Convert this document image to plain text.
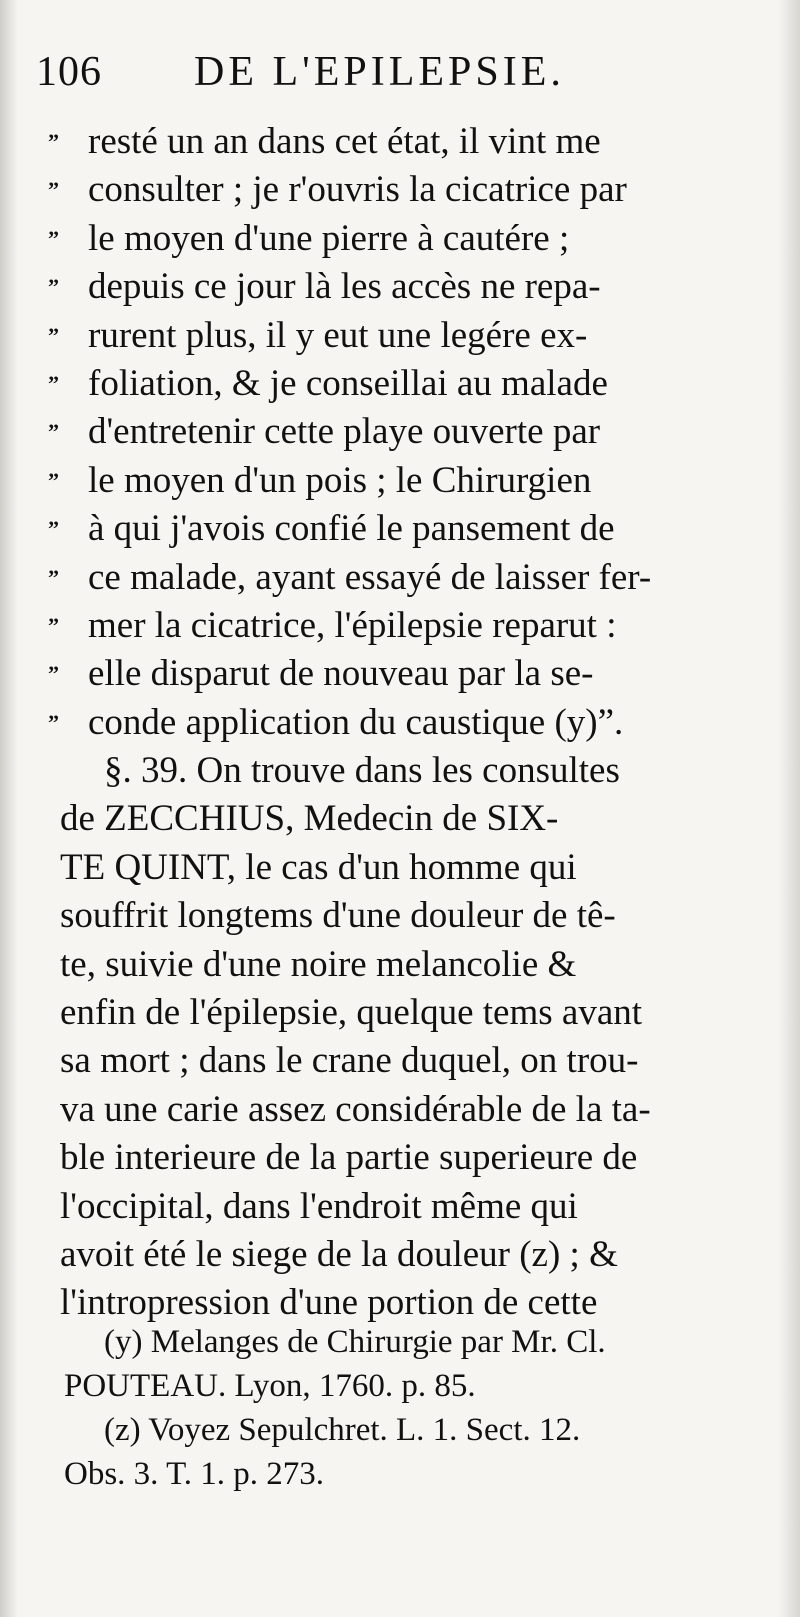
106 DE L'EPILEPSIE.
” resté un an dans cet état, il vint me
” consulter ; je r'ouvris la cicatrice par
” le moyen d'une pierre à cautére ;
” depuis ce jour là les accès ne repa-
” rurent plus, il y eut une legére ex-
” foliation, & je conseillai au malade
” d'entretenir cette playe ouverte par
” le moyen d'un pois ; le Chirurgien
” à qui j'avois confié le pansement de
” ce malade, ayant essayé de laisser fer-
” mer la cicatrice, l'épilepsie reparut :
” elle disparut de nouveau par la se-
” conde application du caustique (y)”.
§. 39. On trouve dans les consultes
de ZECCHIUS, Medecin de SIX-
TE QUINT, le cas d'un homme qui
souffrit longtems d'une douleur de tê-
te, suivie d'une noire melancolie &
enfin de l'épilepsie, quelque tems avant
sa mort ; dans le crane duquel, on trou-
va une carie assez considérable de la ta-
ble interieure de la partie superieure de
l'occipital, dans l'endroit même qui
avoit été le siege de la douleur (z) ; &
l'intropression d'une portion de cette
(y) Melanges de Chirurgie par Mr. Cl.
POUTEAU. Lyon, 1760. p. 85.
(z) Voyez Sepulchret. L. 1. Sect. 12.
Obs. 3. T. 1. p. 273.
